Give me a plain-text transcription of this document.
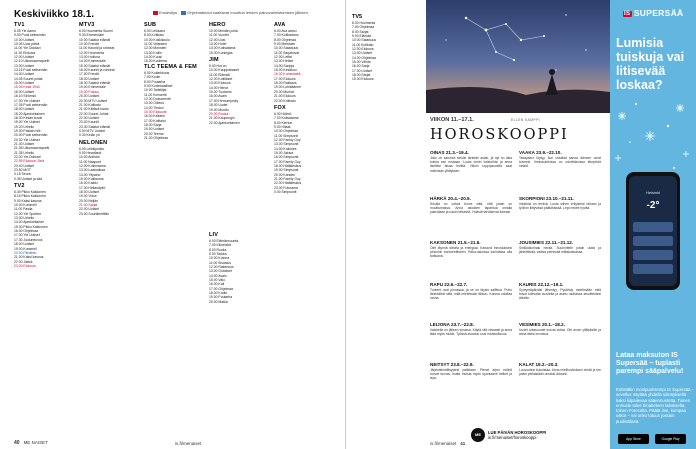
Keskiviikko 18.1.	Ensiesitys	Ohjelmatiedot saattavat muuttua lehden painovalmistumisen jälkeen.
TV1
6.05 Yle Aamu
9.00 Puoli seitsemän
10.00 Uutiset
10.05 Uusi päivä
11.00 Yle Dokkari
11.30 Elokuva
12.00 Uutiset
12.10 Ulkomaanraportit
13.00 Uutiset
13.15 Puoli seitsemän
14.00 Uutiset
14.05 Suuret juhlat
15.00 Uutiset
15.05 Kesä 1944
16.00 Uutiset
16.10 Strömsö
17.00 Yle Uutiset
17.05 Puoli seitsemän
18.00 Uutiset
18.20 Ajankohtainen
18.30 Kesän kuvat
19.00 Yle Uutiset
19.20 Urheilu
19.30 Pasilan hiili
20.00 Puoli seitsemän
20.30 Yle Uutiset
21.00 Uutiset
21.05 Ulkomaanraportti
21.35 Urheilu
22.00 Yle Dokkari
22.55 Elokuva: Sinä
23.40 Uutiset
23.50 MOT
0.15 Seura
0.35 Uutiset ja sää
TV2
6.40 Pikku Kakkonen
8.15 Pikku Kakkonen
9.00 Kaksi kasvoa
10.00 Kummeli
11.00 Pasila
12.00 Yle Sporten
13.00 Urheilu
14.00 Ajankohtaiset
15.00 Pikku Kakkonen
16.00 Ohjelmaa
17.00 Yle Uutiset
17.30 Jouluneuvos
18.00 Uutiset
19.00 Kummeli
20.00 Piilotettu
21.00 Kaksi kasvoa
22.00 Jatkot
23.00 Elokuva
MTV3
6.00 Huomenta Suomi
9.30 Emmerdale
10.00 Salatut elämät
10.30 Frendit
11.00 Kauniit ja rohkeat
12.00 Huomenta
13.00 Hulluna
14.00 Emmerdale
15.00 Salatut elämät
16.00 Kauniit ja rohkeat
17.00 Frendit
18.00 Uutiset
18.30 Salatut elämät
19.00 Emmerdale
19.30 Putous
20.00 Uutiset
20.30 MTV Uutiset
21.00 Kotikatu
21.30 Kiiltävä kanto
22.00 Suuret Juhlat
22.30 Uutiset
23.00 Kauniit
23.30 Salatut elämät
0.00 MTV Uutiset
0.30 Kelan yö
NELONEN
6.00 Leikkipuisto
9.00 Heartland
10.00 Arkistot
11.00 Naapurit
12.00 Kotirintama
13.00 Laatuaikaa
14.00 Ylipaino
15.00 Kotilauma
16.00 Kaikki
17.00 Hellanäyttö
18.00 Uutiset
19.00 Voice
20.00 Neljän
21.00 Sarjat
22.00 Uutiset
23.00 Suurlähettiläs
SUB
6.00 Leikkaus
8.00 Kotikatu
10.00 Kokkikoulu
11.00 Veljesten
12.00 Monsteri
13.00 Kotiin
14.00 Kuusi
15.00 Kuolema
TLC TEEMA & FEM
6.00 Kotiarkkuus
7.00 Kodin
8.00 Puutarha
9.00 Kuninkaalliset
10.00 Taiteilijat
11.00 Konsertti
12.00 Dokumentti
13.00 Oikeus
14.00 Tiedon
15.00 Elokuvat
16.00 Kellarin
17.00 Kotitalot
18.00 Sarja
19.00 Uutiset
20.00 Teema
21.00 Ohjelmaa
HERO
10.00 Meidän juhla
11.00 Vuodet
12.00 Uusi
13.00 Hotel
14.00 Kotisatama
15.00 Kuningas
JIM
9.00 Hot on
10.00 Kauppakassit
11.00 Elämää
12.00 Kotiläiset
13.00 Elokuva
14.00 Hienot
15.00 Tuotanto
16.00 Avain
17.00 Hirmumyrsky
18.00 Uudet
19.00 Muutto
20.00 Ruoka
21.00 Kaupungin
22.00 Ajankohtainen
LIV
6.00 Elämänsuunta
7.00 Kiinteistöt
8.00 Ruoka
9.00 Tarkka
10.00 Kotona
11.00 Sisustus
12.00 Rakennus
13.00 Ostokset
14.00 Avain
15.00 Valo
16.00 Koti
17.00 Ohjelmaa
18.00 Kodin
19.00 Puutarha
20.00 Matka
AVA
6.00 Ava aamu
7.00 Kotikartano
8.00 Ohjelmaa
9.00 Merkkien
10.00 Salaisuus
11.00 Sarjakuvat
12.00 Leffat
13.00 Hetket
14.00 Sarjoja
15.00 Kesäkuu
16.00 Kummisetä
17.00 Elokuva
18.00 Rakkaus
19.00 Lohikäärme
20.00 Murhat
21.00 Elokuva
22.00 Kotikatu
FOX
6.00 Hölmö
7.00 Kotisatama
8.00 Kiertue
9.00 Hitaat
10.00 Ohjelmaa
11.00 Simpsonit
12.00 Family Guy
13.00 Simpsonit
14.00 Kotimies
15.00 Jaksot
16.00 Simpsonit
17.00 Family Guy
18.00 Hätäkeskus
19.00 Simpsonit
20.00 Kahden
21.00 Family Guy
22.00 Hätäkeskus
23.00 Futurama
0.00 Simpsonit
40 ME NAISET	is.fi/menaiset
TV5
6.00 Huomenta
7.00 Ohjelmaa
8.00 Sarjat
9.00 Elämää
10.00 Salaisuus
11.00 Kotikatu
12.00 Elokuva
13.00 Uutiset
14.00 Ohjelmaa
15.00 Viihde
16.00 Sarja
17.00 Uutiset
18.00 Sarjat
19.00 Elokuva
VIIKON 11.–17.1.	ELLEN KAMPPI
HOROSKOOPPI
OINAS 21.3.–19.4.
Joku on sanonut sinulle tärkeän asian, ja nyt on aika toimia sen mukaan. Luota omiin vaistoihisi ja anna itsellesi aikaa levätä. Viikon loppupuolella saat mieluisan yllätyksen.
HÄRKÄ 20.4.–20.5.
Sinulla on vahva tunne siitä, että jotain on muuttumassa. Anna asioiden tapahtua omalla painollaan ja nauti hetkestä. Ystävät tarvitsevat tukeasi.
KAKSONEN 21.5.–21.6.
Olet täynnä ideoita ja energiaa. Kanavoi innostuksesi johonkin konkreettiseen. Raha-asioissa kannattaa olla tarkkana.
RAPU 22.6.–22.7.
Tunteet ovat pinnassa, ja se on täysin sallittua. Puhu läheisillesi siitä, mitä mielessäsi liikkuu. Kotona odottaa rauha.
LEIJONA 23.7.–22.8.
Valokeila on jälleen sinussa. Käytä sitä viisaasti ja anna tilaa myös muille. Työssä avautuu uusi mahdollisuus.
NEITSYT 23.8.–22.9.
Järjestelmällisyytesi palkitaan. Pienet arjen rutiinit tuovat turvaa, mutta muista myös spontaanit hetket ja lepo.
VAAKA 23.9.–22.10.
Tasapaino löytyy, kun uskallat sanoa ääneen omat toiveesi. Ihmissuhteissa on odotettavissa lämpimiä hetkiä.
SKORPIONI 23.10.–21.11.
Intuitiosi on terävä. Luota siihen erityisesti rahaan ja työhön liittyvissä päätöksissä. Lepo tekee hyvää.
JOUSIMIES 22.11.–21.12.
Seikkailunhalu herää. Suunnittele jotain uutta ja jännittävää, vaikka pienessä mittakaavassa.
KAURIS 22.12.–19.1.
Syntymäpäiväsi lähestyy. Pysähdy miettimään mitä toivot tulevalta vuodelta ja asetu rauhassa tavoitteidesi äärelle.
VESIMIES 20.1.–18.2.
Uudet tuttavuudet tuovat virtaa. Ole avoin yllätyksille ja anna itsesi innostua.
KALAT 19.2.–20.3.
Luovuutesi kukoistaa. Anna mielikuvituksen viedä ja tee jotain pelkästään omaksi iloksesi.
ME	LUE PÄIVÄN HOROSKOOPPI
is.fi/menaiset/horoskooppi
is.fi/menaiset 41
IS SUPERSÄÄ
Lumisia tuiskuja vai litisevää loskaa?
Helsinki
-2°
Lataa maksuton IS Supersää – tuplasti parempi sääpalvelu!
Entistäkin monipuolisempi IS Supersää -sovellus näyttää yhdellä silmäyksellä kaksi kilpailevaa sääennustetta. Toinen ennuste tulee Ilmatieteen laitokselta, toinen Forecalta. Päätä itse, kumpaa uskot – vai onko totuus jossain puolivälissä.
App Store	Google Play
